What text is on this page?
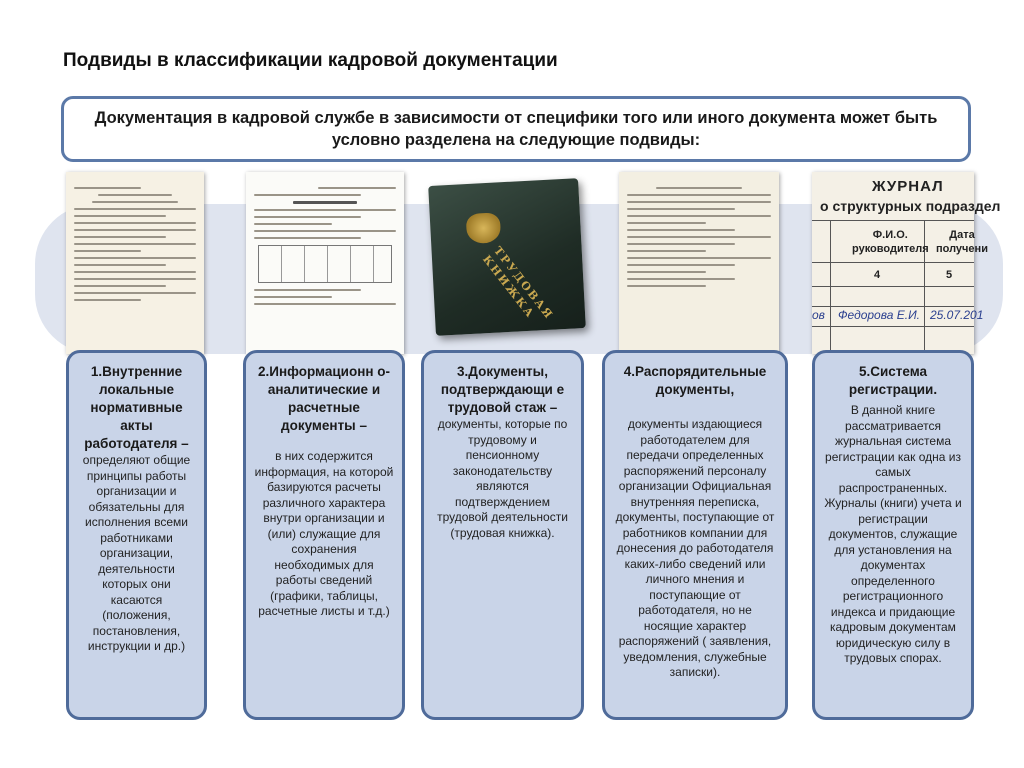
Подвиды в классификации кадровой документации
Документация в кадровой службе в зависимости от специфики того или иного документа может быть условно разделена на следующие подвиды:
ТРУДОВАЯ КНИЖКА
ЖУРНАЛ
о структурных подраздел
Ф.И.О.
руководителя
Дата
получени
4	5
ов Федорова Е.И. 25.07.201
1.Внутренние локальные нормативные акты работодателя –
определяют общие принципы работы организации и обязательны для исполнения всеми работниками организации, деятельности которых они касаются (положения, постановления, инструкции и др.)
2.Информационн о-аналитические и расчетные документы –
в них содержится информация, на которой базируются расчеты различного характера внутри организации и (или) служащие для сохранения необходимых для работы сведений (графики, таблицы, расчетные листы и т.д.)
3.Документы, подтверждающи е трудовой стаж –
документы, которые по трудовому и пенсионному законодательству являются подтверждением трудовой деятельности (трудовая книжка).
4.Распорядительные документы,
документы издающиеся работодателем для передачи определенных распоряжений персоналу организации Официальная внутренняя переписка, документы, поступающие от работников компании для донесения до работодателя каких-либо сведений или личного мнения и поступающие от работодателя, но не носящие характер распоряжений ( заявления, уведомления, служебные записки).
5.Система регистрации.
В данной книге рассматривается журнальная система регистрации как одна из самых распространенных. Журналы (книги) учета и регистрации документов, служащие для установления на документах определенного регистрационного индекса и придающие кадровым документам юридическую силу в трудовых спорах.
